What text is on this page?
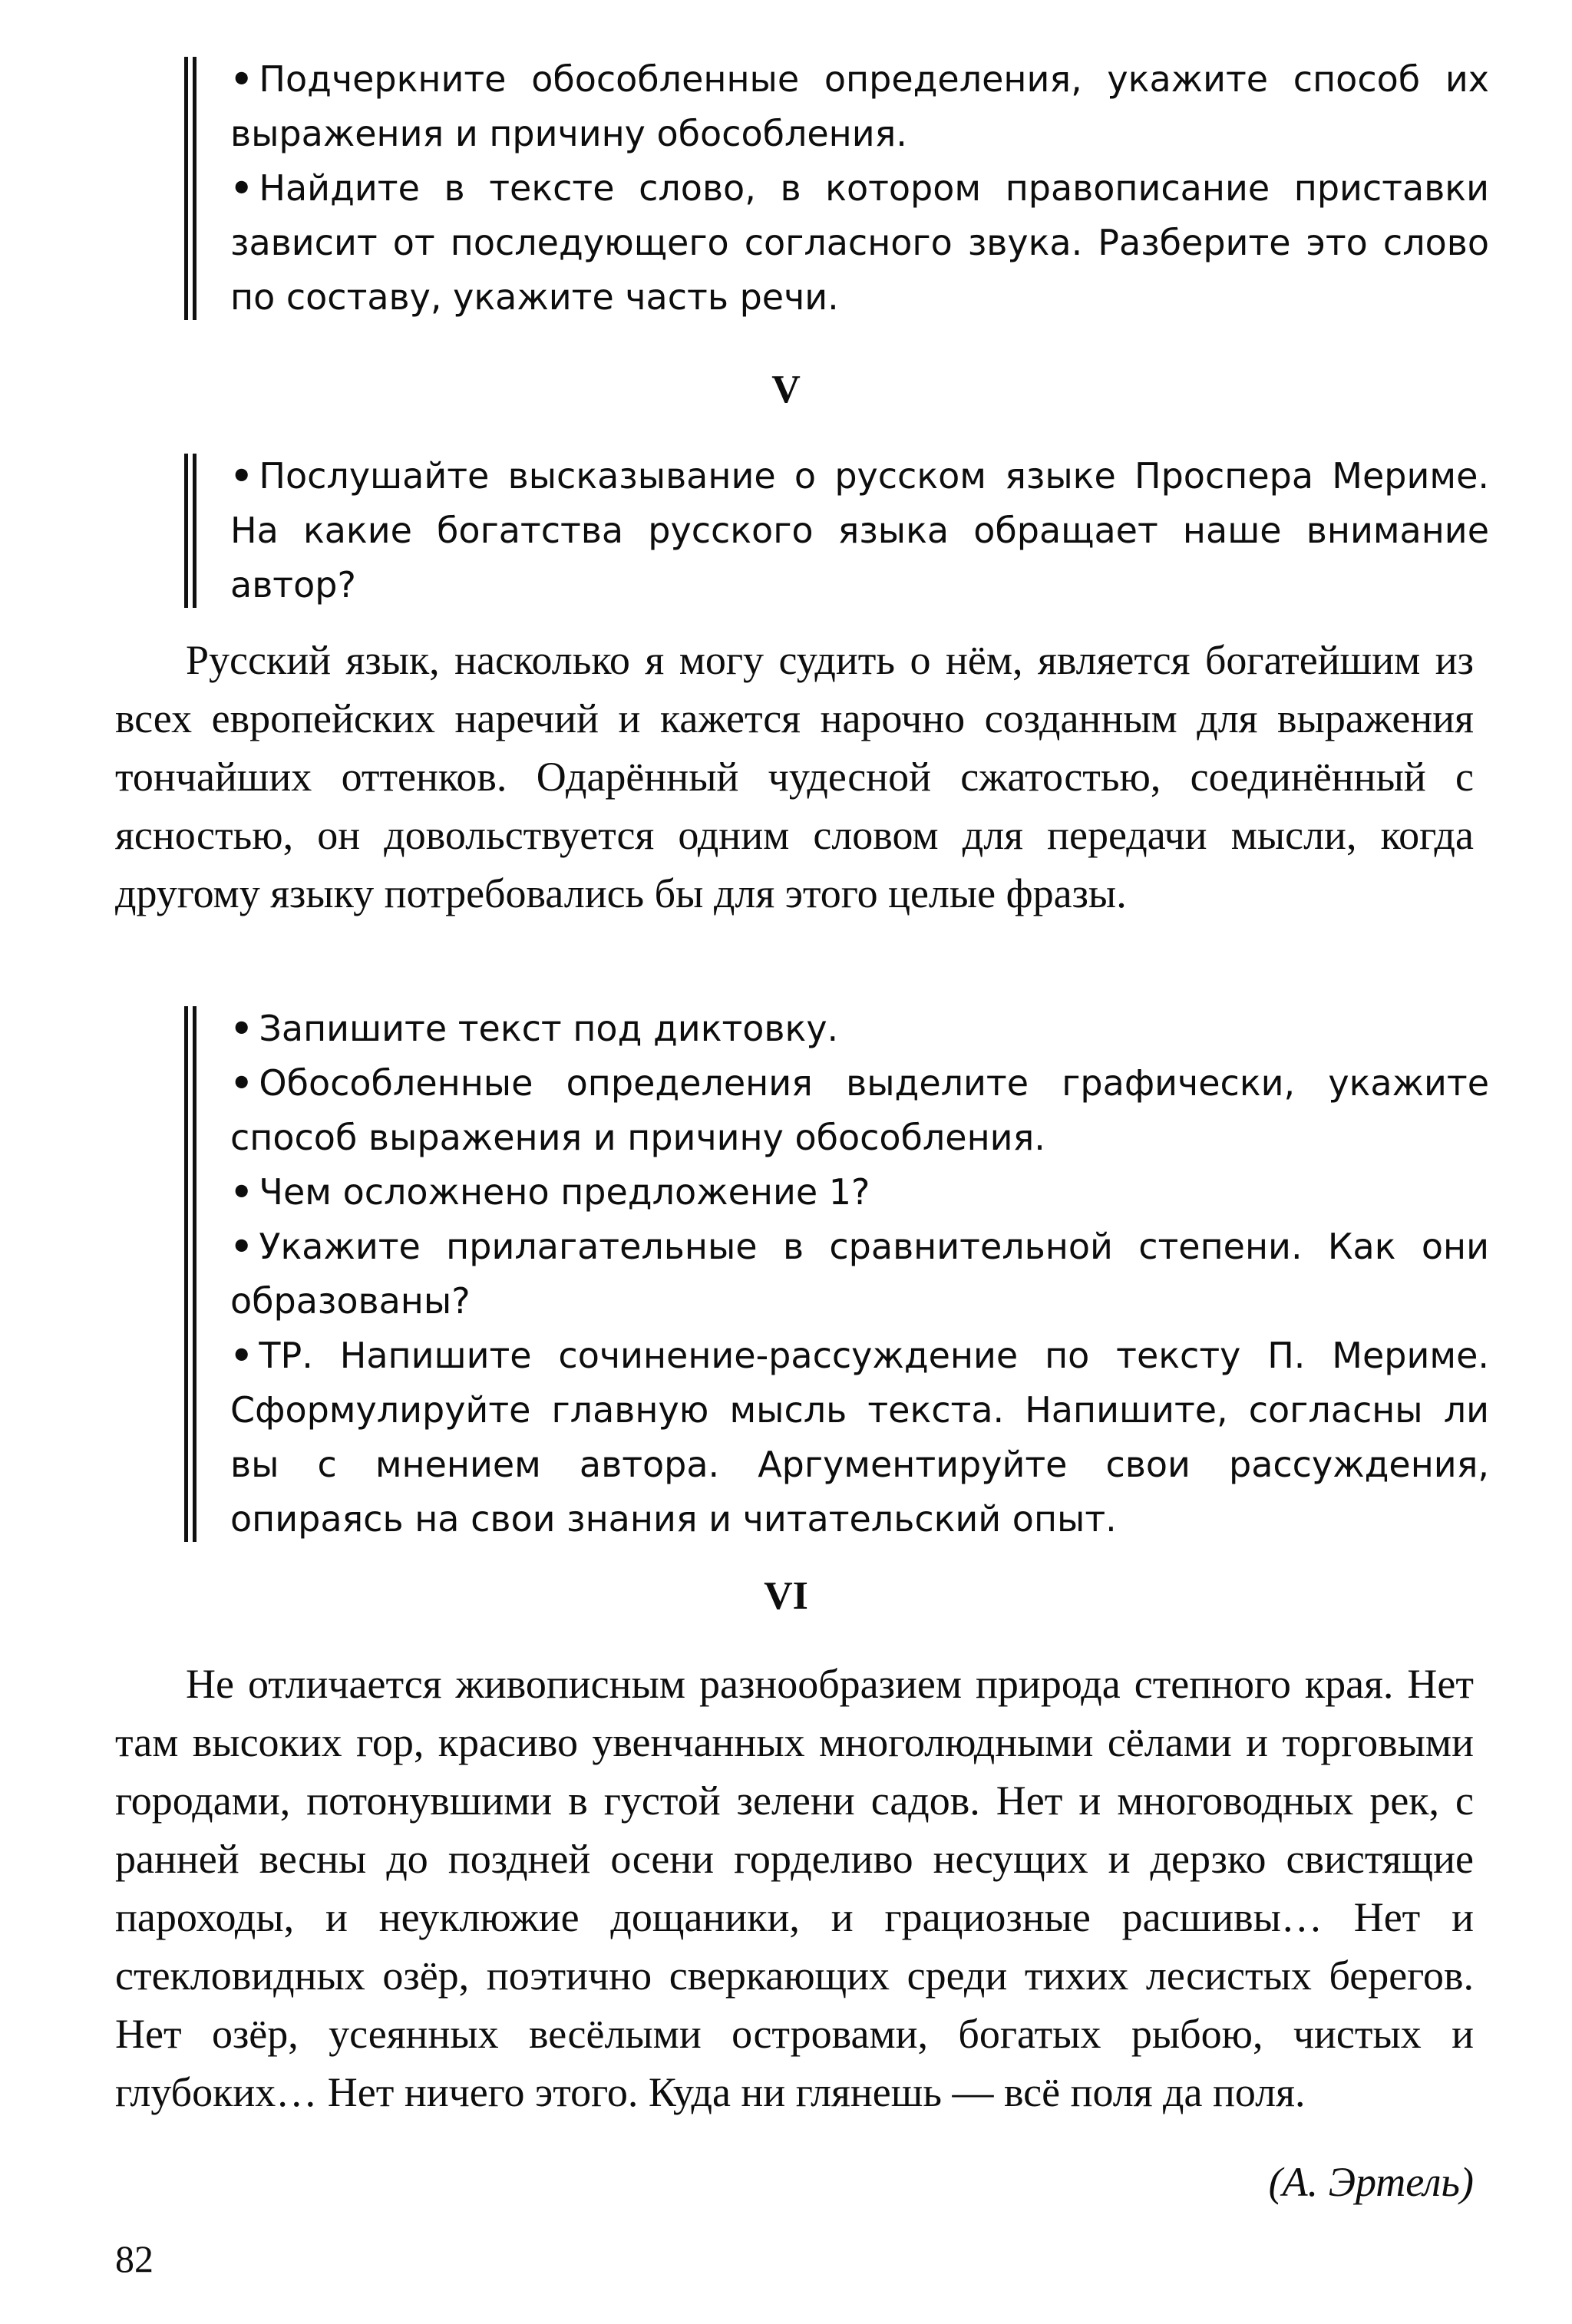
• Подчеркните обособленные определения, укажите способ их выражения и причину обособления.

• Найдите в тексте слово, в котором правописание приставки зависит от последующего согласного звука. Разберите это слово по составу, укажите часть речи.

V

• Послушайте высказывание о русском языке Проспера Мериме. На какие богатства русского языка обращает наше внимание автор?

Русский язык, насколько я могу судить о нём, является богатейшим из всех европейских наречий и кажется нарочно созданным для выражения тончайших оттенков. Одарённый чудесной сжатостью, соединённый с ясностью, он довольствуется одним словом для передачи мысли, когда другому языку потребовались бы для этого целые фразы.

• Запишите текст под диктовку.

• Обособленные определения выделите графически, укажите способ выражения и причину обособления.

• Чем осложнено предложение 1?

• Укажите прилагательные в сравнительной степени. Как они образованы?

• ТР. Напишите сочинение-рассуждение по тексту П. Мериме. Сформулируйте главную мысль текста. Напишите, согласны ли вы с мнением автора. Аргументируйте свои рассуждения, опираясь на свои знания и читательский опыт.

VI

Не отличается живописным разнообразием природа степного края. Нет там высоких гор, красиво увенчанных многолюдными сёлами и торговыми городами, потонувшими в густой зелени садов. Нет и многоводных рек, с ранней весны до поздней осени горделиво несущих и дерзко свистящие пароходы, и неуклюжие дощаники, и грациозные расшивы… Нет и стекловидных озёр, поэтично сверкающих среди тихих лесистых берегов. Нет озёр, усеянных весёлыми островами, богатых рыбою, чистых и глубоких… Нет ничего этого. Куда ни глянешь — всё поля да поля.

(А. Эртель)
82
